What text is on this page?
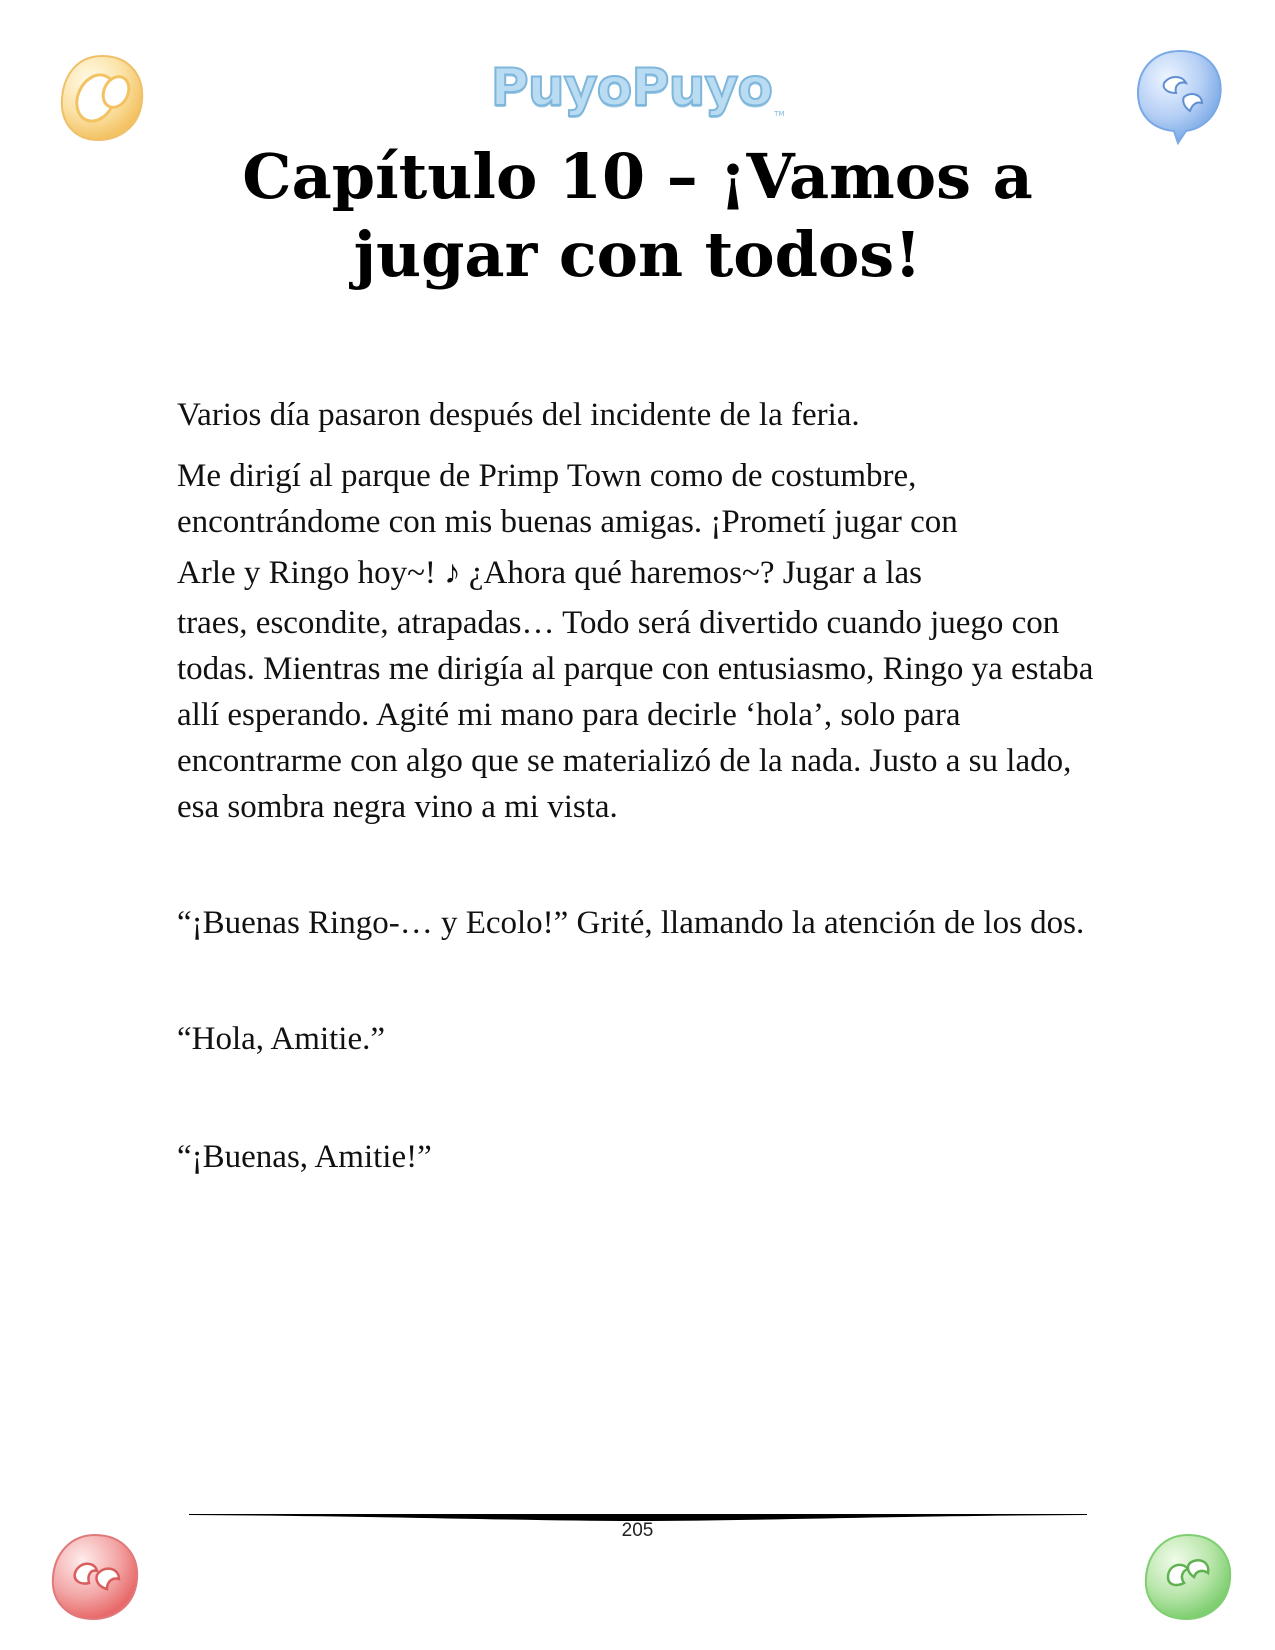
PuyoPuyo TM
Capítulo 10 – ¡Vamos a jugar con todos!

Varios día pasaron después del incidente de la feria.

Me dirigí al parque de Primp Town como de costumbre, encontrándome con mis buenas amigas. ¡Prometí jugar con

Arle y Ringo hoy~! ♪ ¿Ahora qué haremos~? Jugar a las

traes, escondite, atrapadas… Todo será divertido cuando juego con todas. Mientras me dirigía al parque con entusiasmo, Ringo ya estaba allí esperando. Agité mi mano para decirle ‘hola’, solo para encontrarme con algo que se materializó de la nada. Justo a su lado, esa sombra negra vino a mi vista.

“¡Buenas Ringo-… y Ecolo!” Grité, llamando la atención de los dos.

“Hola, Amitie.”

“¡Buenas, Amitie!”

205
